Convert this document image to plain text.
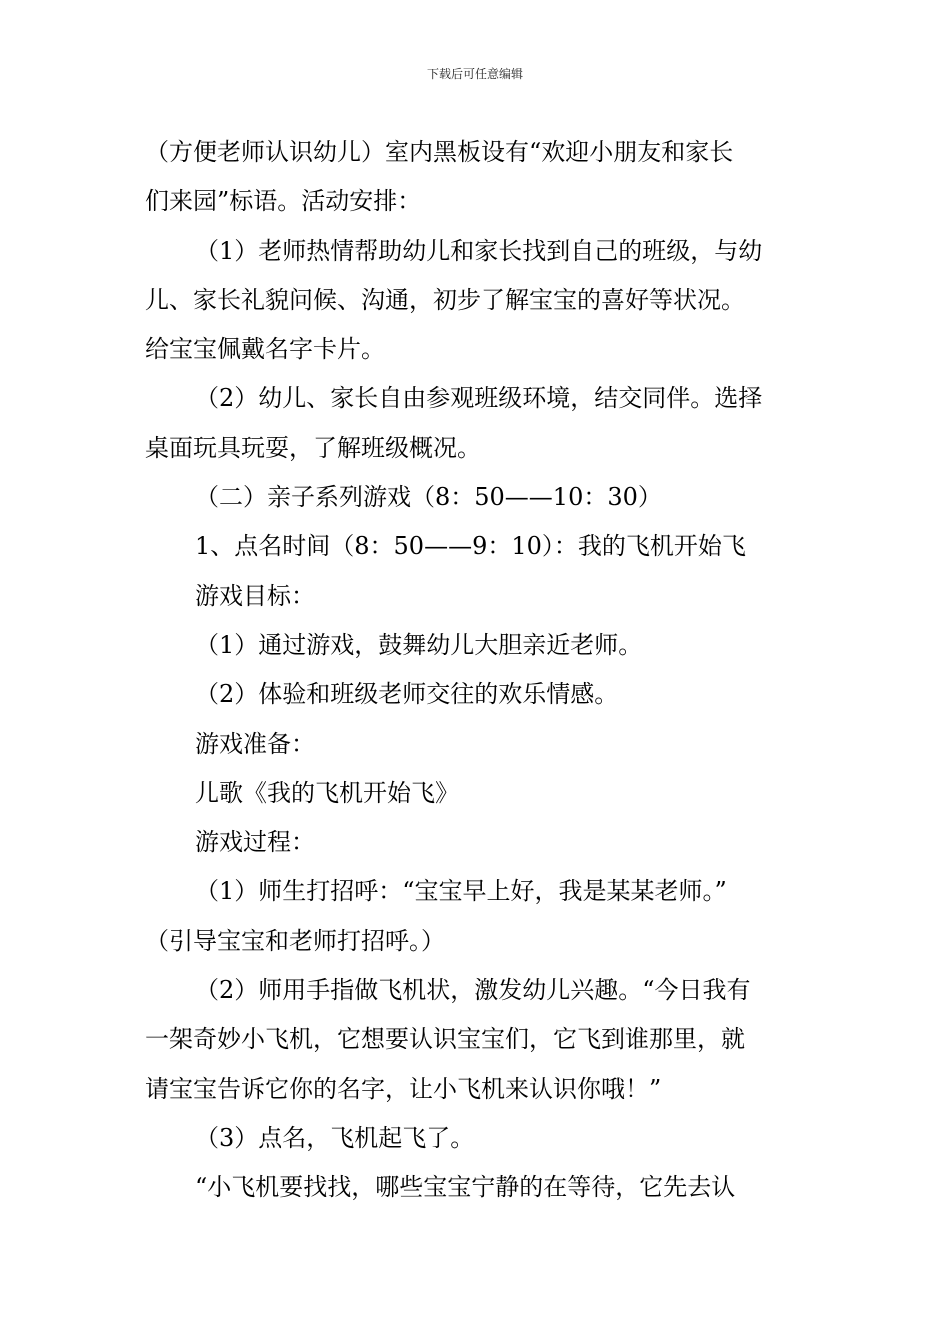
下载后可任意编辑
（方便老师认识幼儿）室内黑板设有“欢迎小朋友和家长
们来园”标语。活动安排：
（1）老师热情帮助幼儿和家长找到自己的班级，与幼
儿、家长礼貌问候、沟通，初步了解宝宝的喜好等状况。
给宝宝佩戴名字卡片。
（2）幼儿、家长自由参观班级环境，结交同伴。选择
桌面玩具玩耍，了解班级概况。
（二）亲子系列游戏（8：50——10：30）
1、点名时间（8：50——9：10）：我的飞机开始飞
游戏目标：
（1）通过游戏，鼓舞幼儿大胆亲近老师。
（2）体验和班级老师交往的欢乐情感。
游戏准备：
儿歌《我的飞机开始飞》
游戏过程：
（1）师生打招呼：“宝宝早上好，我是某某老师。”
（引导宝宝和老师打招呼。）
（2）师用手指做飞机状，激发幼儿兴趣。“今日我有
一架奇妙小飞机，它想要认识宝宝们，它飞到谁那里，就
请宝宝告诉它你的名字，让小飞机来认识你哦！”
（3）点名，飞机起飞了。
“小飞机要找找，哪些宝宝宁静的在等待，它先去认
